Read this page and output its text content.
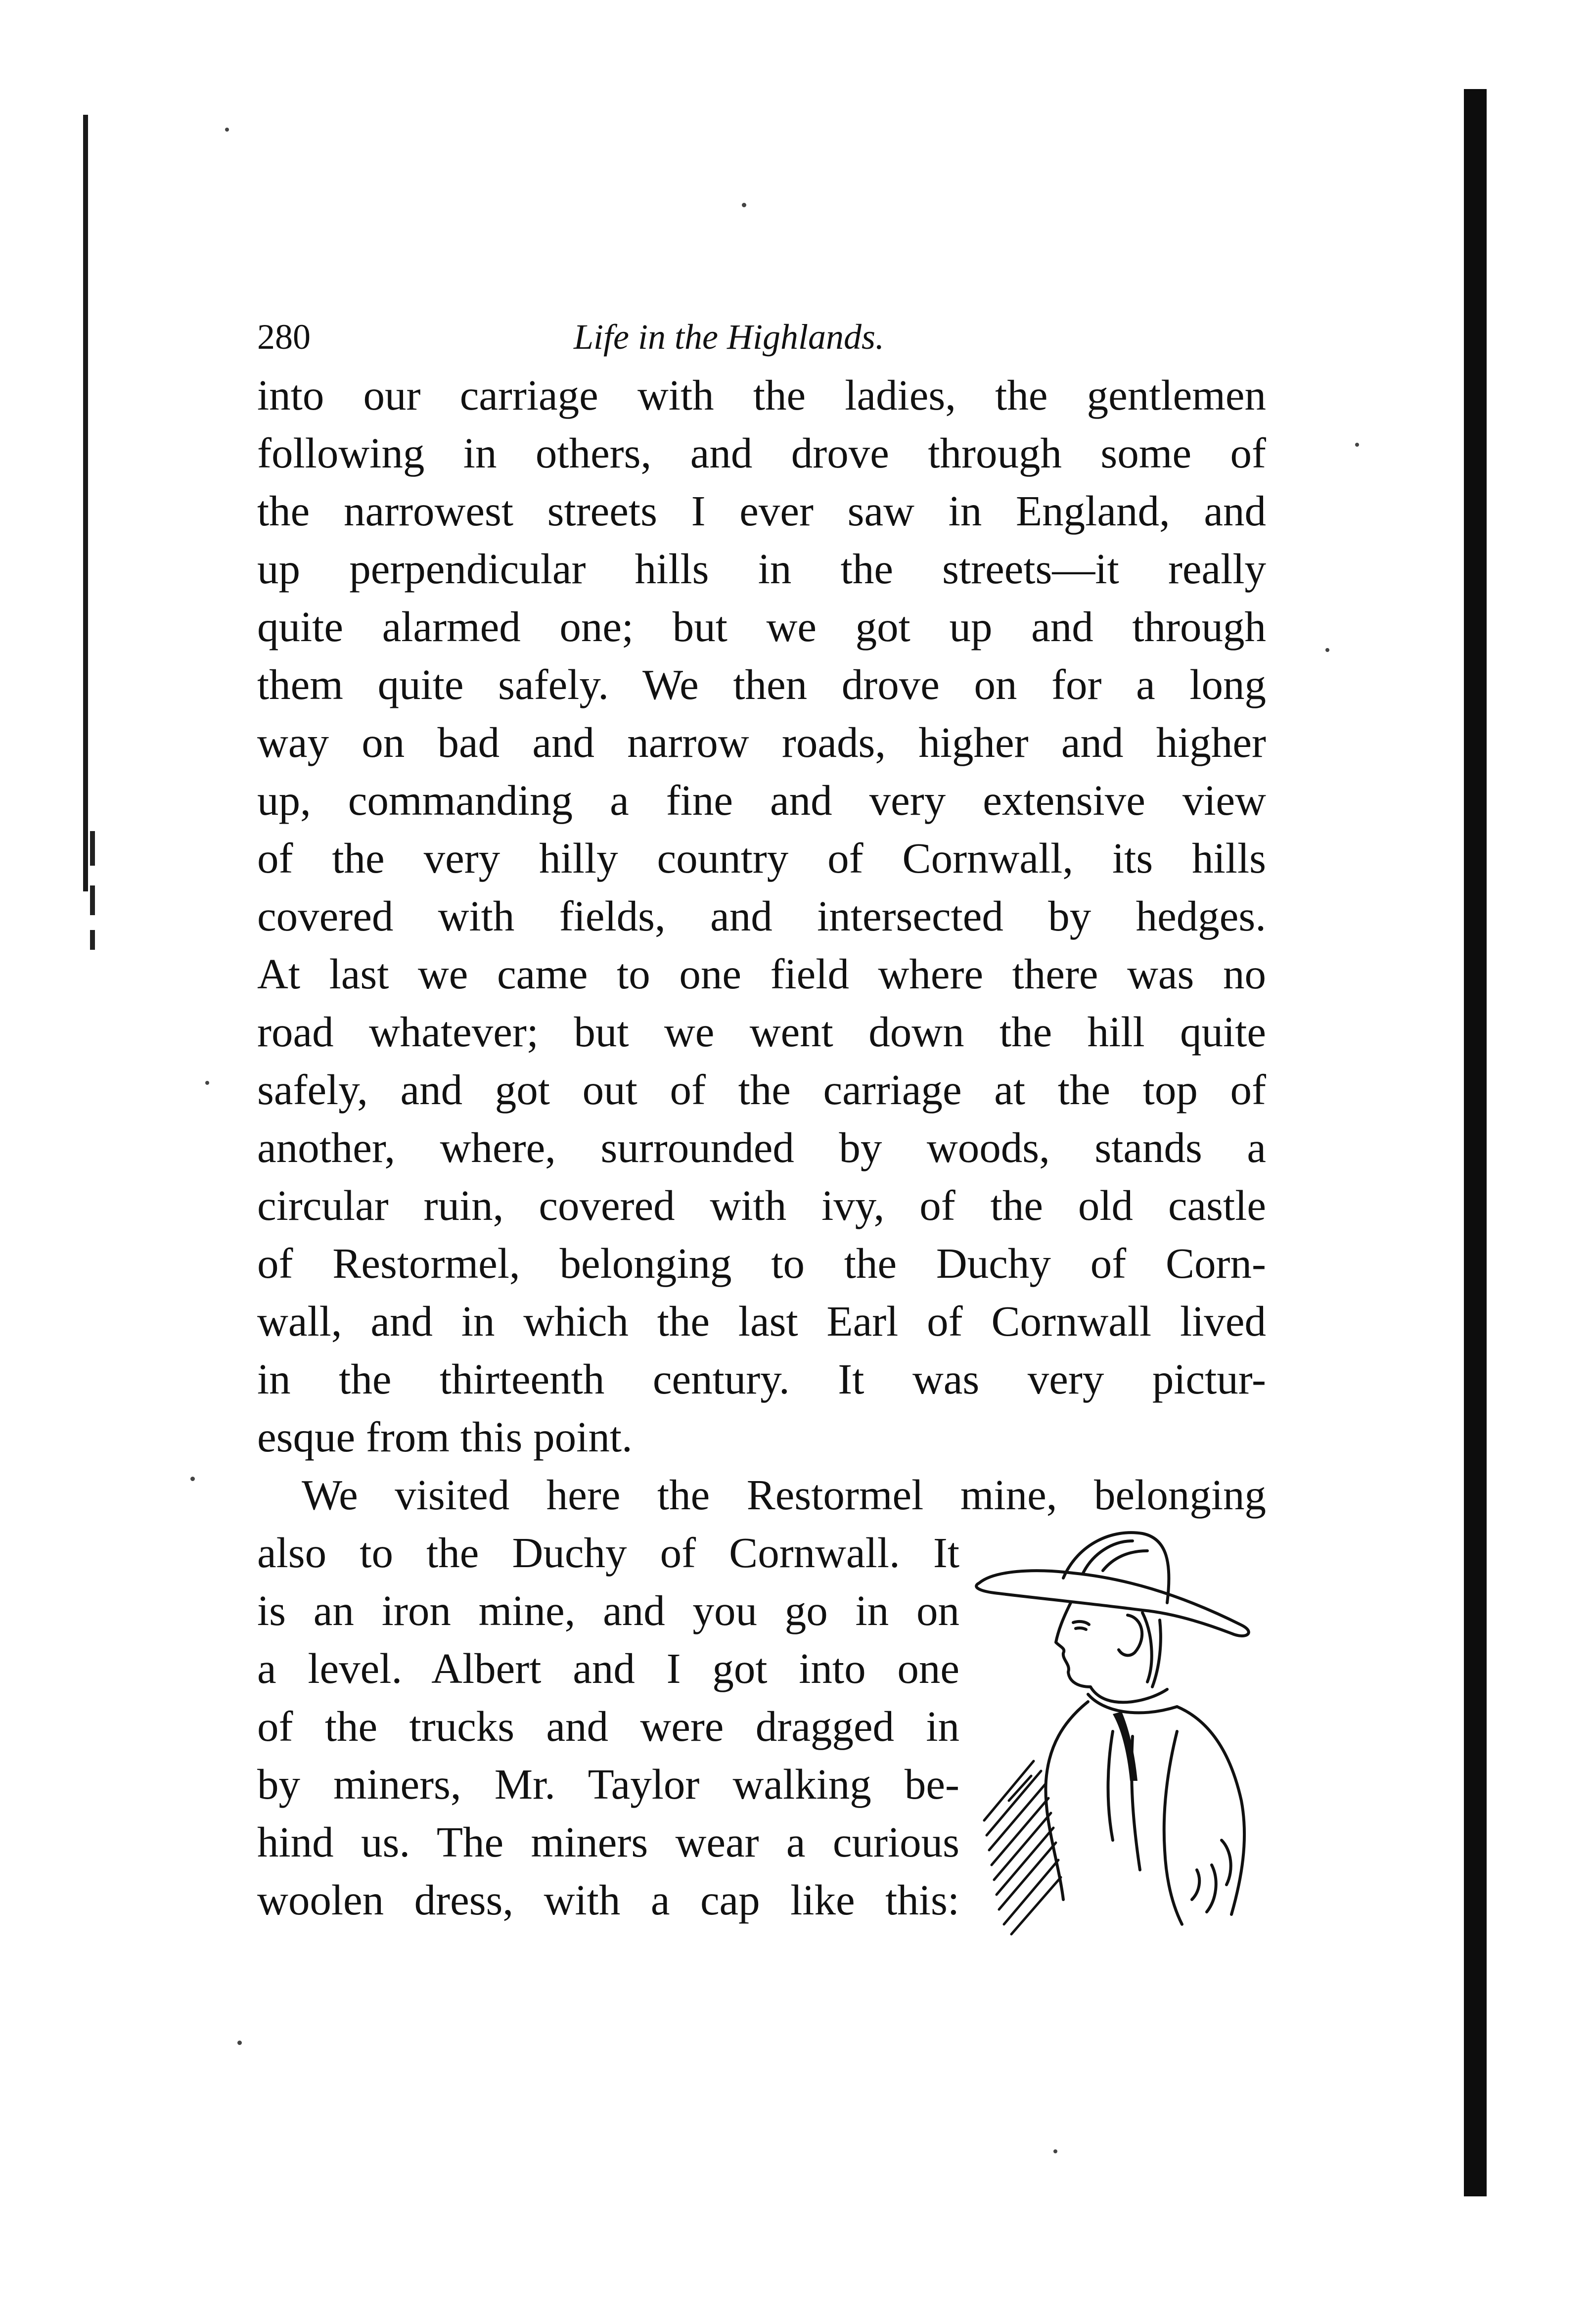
280	Life in the Highlands.

into our carriage with the ladies, the gentlemen
following in others, and drove through some of
the narrowest streets I ever saw in England, and
up perpendicular hills in the streets—it really
quite alarmed one; but we got up and through
them quite safely. We then drove on for a long
way on bad and narrow roads, higher and higher
up, commanding a fine and very extensive view
of the very hilly country of Cornwall, its hills
covered with fields, and intersected by hedges.
At last we came to one field where there was no
road whatever; but we went down the hill quite
safely, and got out of the carriage at the top of
another, where, surrounded by woods, stands a
circular ruin, covered with ivy, of the old castle
of Restormel, belonging to the Duchy of Corn-
wall, and in which the last Earl of Cornwall lived
in the thirteenth century. It was very pictur-
esque from this point.

We visited here the Restormel mine, belonging
also to the Duchy of Cornwall. It
is an iron mine, and you go in on
a level. Albert and I got into one
of the trucks and were dragged in
by miners, Mr. Taylor walking be-
hind us. The miners wear a curious
woolen dress, with a cap like this:
